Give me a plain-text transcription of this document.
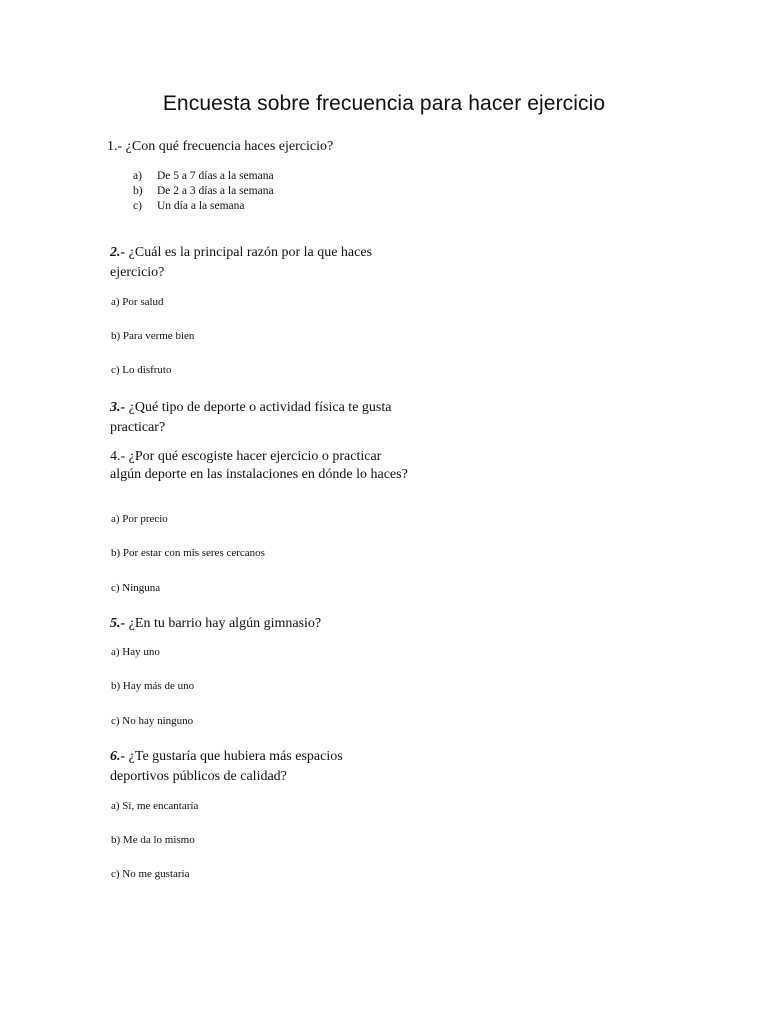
Encuesta sobre frecuencia para hacer ejercicio
1.- ¿Con qué frecuencia haces ejercicio?
a) De 5 a 7 días a la semana
b) De 2 a 3 días a la semana
c) Un día a la semana
2.- ¿Cuál es la principal razón por la que haces ejercicio?
a) Por salud
b) Para verme bien
c) Lo disfruto
3.- ¿Qué tipo de deporte o actividad física te gusta practicar?
4.- ¿Por qué escogiste hacer ejercicio o practicar algún deporte en las instalaciones en dónde lo haces?
a) Por precio
b) Por estar con mis seres cercanos
c) Ninguna
5.- ¿En tu barrio hay algún gimnasio?
a) Hay uno
b) Hay más de uno
c) No hay ninguno
6.- ¿Te gustaría que hubiera más espacios deportivos públicos de calidad?
a) Sí, me encantaría
b) Me da lo mismo
c) No me gustaría
